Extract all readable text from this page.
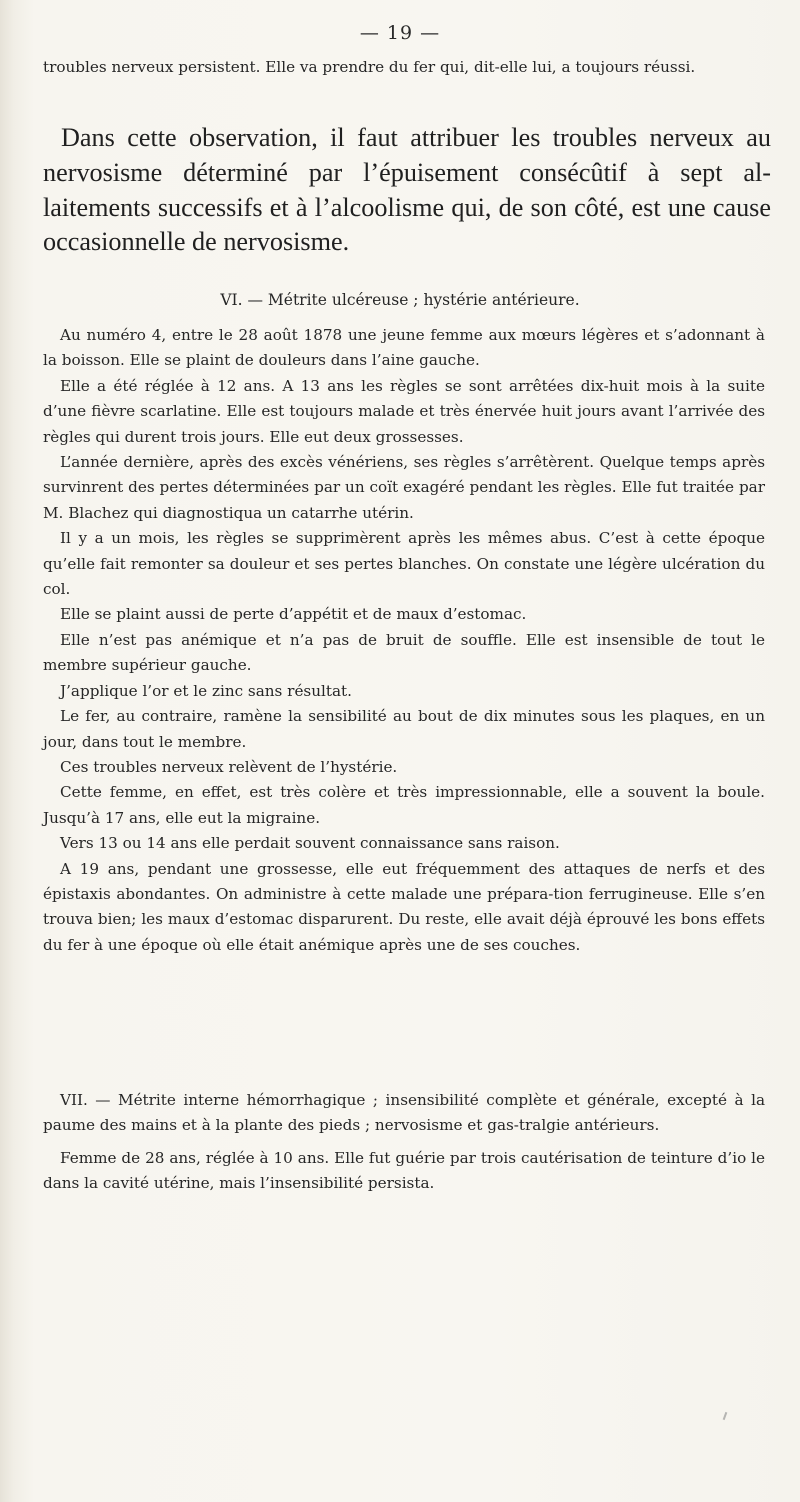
— 19 —

troubles nerveux persistent. Elle va prendre du fer qui, dit-elle lui, a toujours réussi.

Dans cette observation, il faut attribuer les troubles nerveux au nervosisme déterminé par l’épuisement consécûtif à sept al-laitements successifs et à l’alcoolisme qui, de son côté, est une cause occasionnelle de nervosisme.

VI. — Métrite ulcéreuse ; hystérie antérieure.

Au numéro 4, entre le 28 août 1878 une jeune femme aux mœurs légères et s’adonnant à la boisson. Elle se plaint de douleurs dans l’aine gauche.

Elle a été réglée à 12 ans. A 13 ans les règles se sont arrêtées dix-huit mois à la suite d’une fièvre scarlatine. Elle est toujours malade et très énervée huit jours avant l’arrivée des règles qui durent trois jours. Elle eut deux grossesses.

L’année dernière, après des excès vénériens, ses règles s’arrêtèrent. Quelque temps après survinrent des pertes déterminées par un coït exagéré pendant les règles. Elle fut traitée par M. Blachez qui diagnostiqua un catarrhe utérin.

Il y a un mois, les règles se supprimèrent après les mêmes abus. C’est à cette époque qu’elle fait remonter sa douleur et ses pertes blanches. On constate une légère ulcération du col.

Elle se plaint aussi de perte d’appétit et de maux d’estomac.

Elle n’est pas anémique et n’a pas de bruit de souffle. Elle est insensible de tout le membre supérieur gauche.

J’applique l’or et le zinc sans résultat.

Le fer, au contraire, ramène la sensibilité au bout de dix minutes sous les plaques, en un jour, dans tout le membre.

Ces troubles nerveux relèvent de l’hystérie.

Cette femme, en effet, est très colère et très impressionnable, elle a souvent la boule. Jusqu’à 17 ans, elle eut la migraine.

Vers 13 ou 14 ans elle perdait souvent connaissance sans raison.

A 19 ans, pendant une grossesse, elle eut fréquemment des attaques de nerfs et des épistaxis abondantes. On administre à cette malade une prépara-tion ferrugineuse. Elle s’en trouva bien; les maux d’estomac disparurent. Du reste, elle avait déjà éprouvé les bons effets du fer à une époque où elle était anémique après une de ses couches.

VII. — Métrite interne hémorrhagique ; insensibilité complète et générale, excepté à la paume des mains et à la plante des pieds ; nervosisme et gas-tralgie antérieurs.

Femme de 28 ans, réglée à 10 ans. Elle fut guérie par trois cautérisation de teinture d’io le dans la cavité utérine, mais l’insensibilité persista.
